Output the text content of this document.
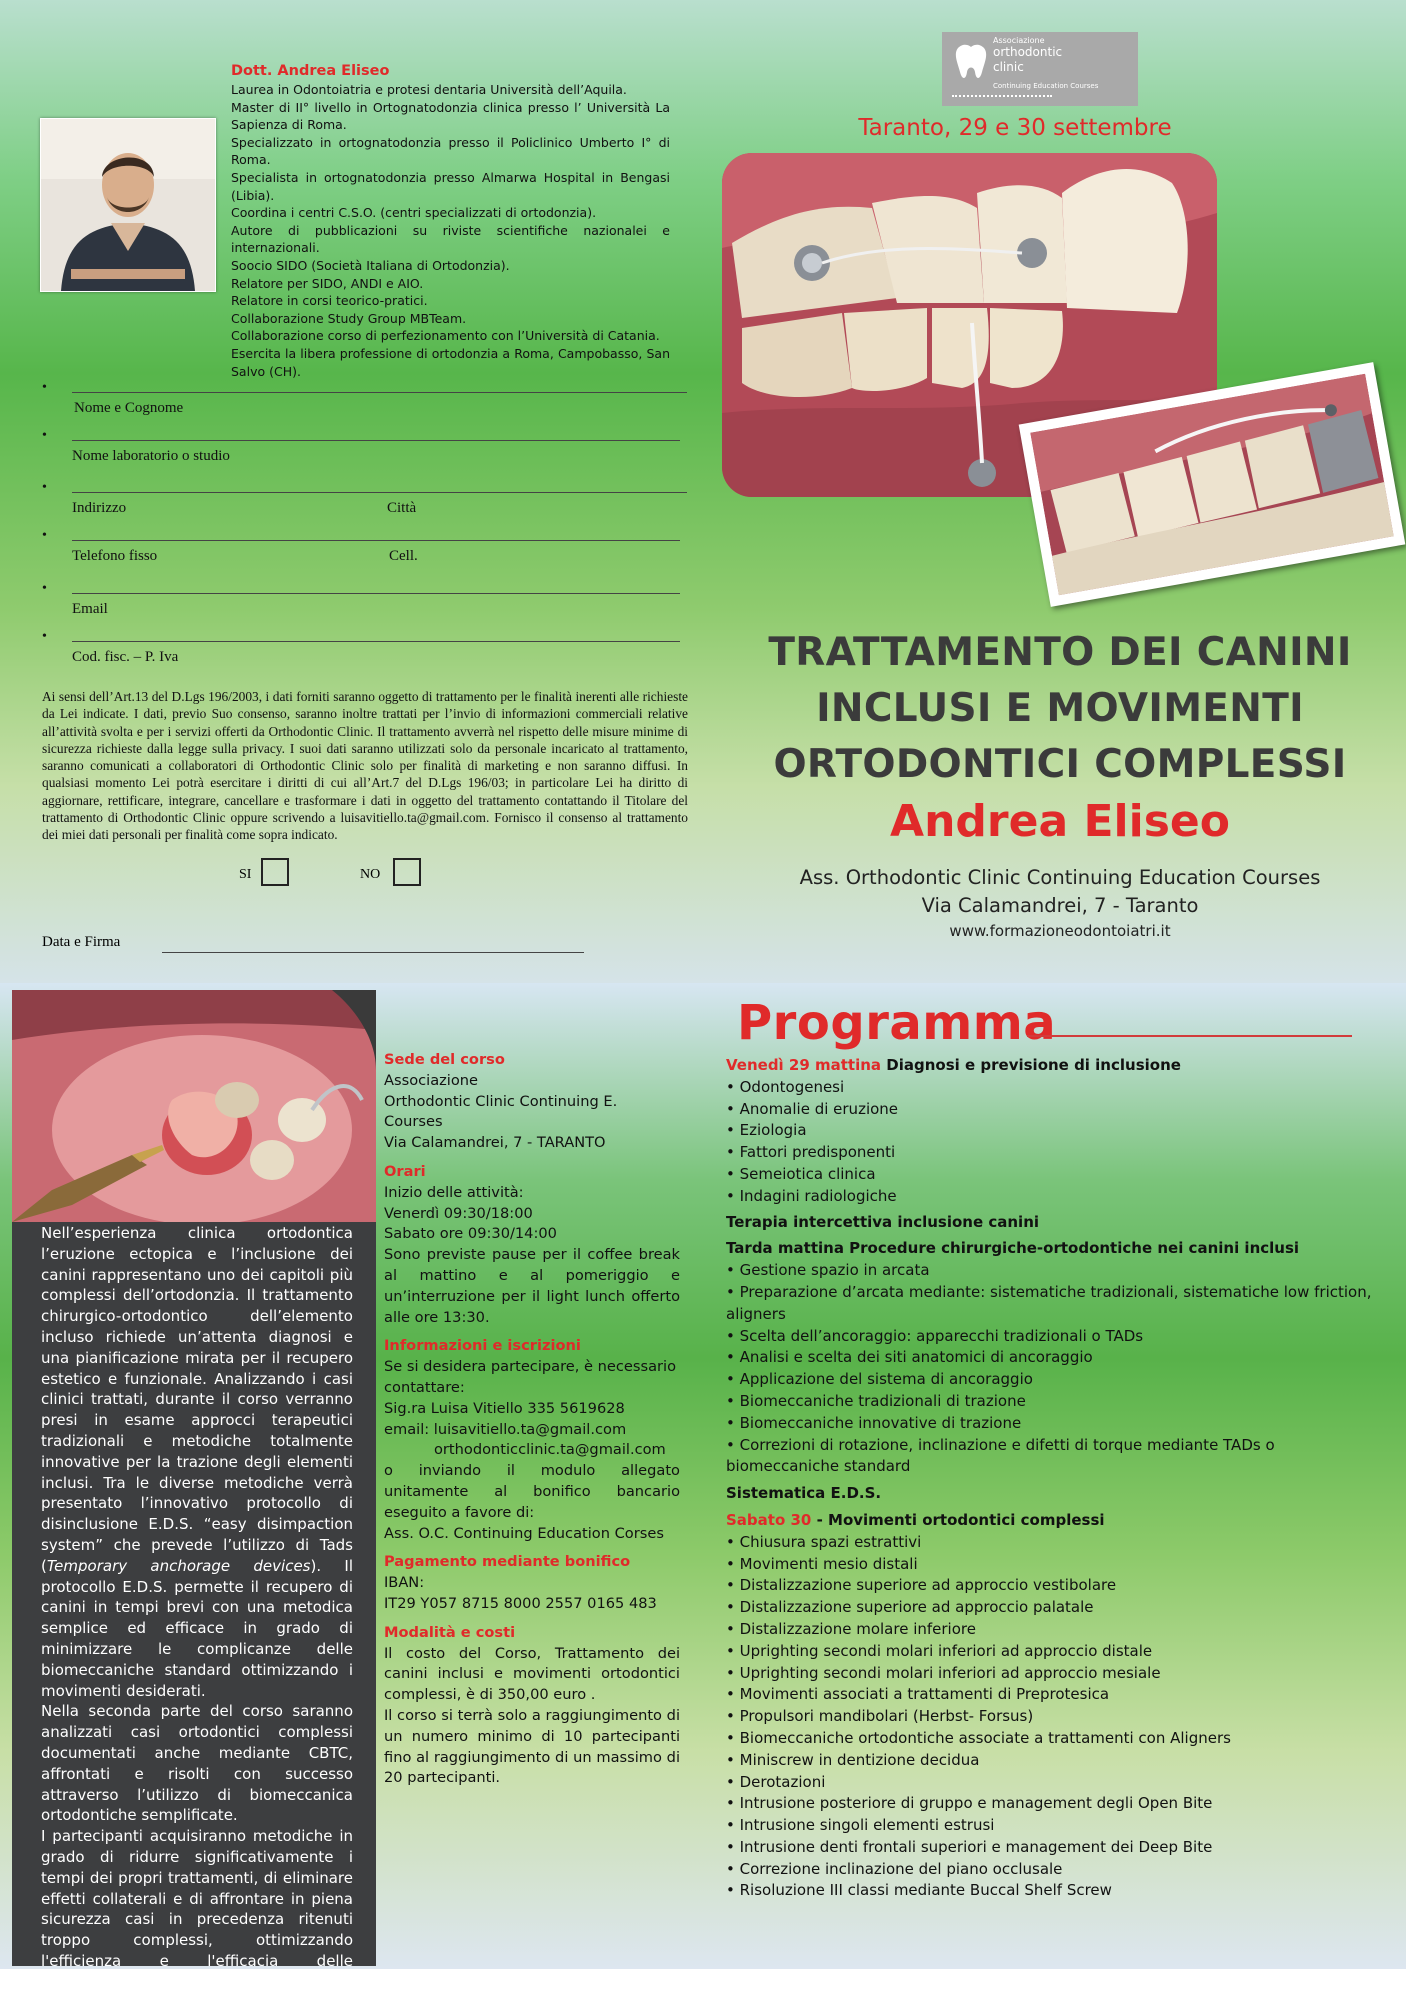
Dott. Andrea Eliseo
Laurea in Odontoiatria e protesi dentaria Università dell’Aquila.
Master di II° livello in Ortognatodonzia clinica presso l’ Università La Sapienza di Roma.
Specializzato in ortognatodonzia presso il Policlinico Umberto I° di Roma.
Specialista in ortognatodonzia presso Almarwa Hospital in Bengasi (Libia).
Coordina i centri C.S.O. (centri specializzati di ortodonzia).
Autore di pubblicazioni su riviste scientifiche nazionalei e internazionali.
Soocio SIDO (Società Italiana di Ortodonzia).
Relatore per SIDO, ANDI e AIO.
Relatore in corsi teorico-pratici.
Collaborazione Study Group MBTeam.
Collaborazione corso di perfezionamento con l’Università di Catania.
Esercita la libera professione di ortodonzia a Roma, Campobasso, San Salvo (CH).
•
Nome e Cognome
•
Nome laboratorio o studio
•
Indirizzo	Città
•
Telefono fisso	Cell.
•
Email
•
Cod. fisc. – P. Iva
Ai sensi dell’Art.13 del D.Lgs 196/2003, i dati forniti saranno oggetto di trattamento per le finalità inerenti alle richieste da Lei indicate. I dati, previo Suo consenso, saranno inoltre trattati per l’invio di informazioni commerciali relative all’attività svolta e per i servizi offerti da Orthodontic Clinic. Il trattamento avverrà nel rispetto delle misure minime di sicurezza richieste dalla legge sulla privacy. I suoi dati saranno utilizzati solo da personale incaricato al trattamento, saranno comunicati a collaboratori di Orthodontic Clinic solo per finalità di marketing e non saranno diffusi. In qualsiasi momento Lei potrà esercitare i diritti di cui all’Art.7 del D.Lgs 196/03; in particolare Lei ha diritto di aggiornare, rettificare, integrare, cancellare e trasformare i dati in oggetto del trattamento contattando il Titolare del trattamento di Orthodontic Clinic oppure scrivendo a luisavitiello.ta@gmail.com. Fornisco il consenso al trattamento dei miei dati personali per finalità come sopra indicato.
SI	NO
Data e Firma
Associazione
orthodontic
clinic
Continuing Education Courses
Taranto, 29 e 30 settembre
TRATTAMENTO DEI CANINI
INCLUSI E MOVIMENTI
ORTODONTICI COMPLESSI
Andrea Eliseo
Ass. Orthodontic Clinic Continuing Education Courses
Via Calamandrei, 7 - Taranto
www.formazioneodontoiatri.it

Nell’esperienza clinica ortodontica l’eruzione ectopica e l’inclusione dei canini rappresentano uno dei capitoli più complessi dell’ortodonzia. Il trattamento chirurgico-ortodontico dell’elemento incluso richiede un’attenta diagnosi e una pianificazione mirata per il recupero estetico e funzionale. Analizzando i casi clinici trattati, durante il corso verranno presi in esame approcci terapeutici tradizionali e metodiche totalmente innovative per la trazione degli elementi inclusi. Tra le diverse metodiche verrà presentato l’innovativo protocollo di disinclusione E.D.S. “easy disimpaction system” che prevede l’utilizzo di Tads (Temporary anchorage devices). Il protocollo E.D.S. permette il recupero di canini in tempi brevi con una metodica semplice ed efficace in grado di minimizzare le complicanze delle biomeccaniche standard ottimizzando i movimenti desiderati.

Nella seconda parte del corso saranno analizzati casi ortodontici complessi documentati anche mediante CBTC, affrontati e risolti con successo attraverso l’utilizzo di biomeccanica ortodontiche semplificate.

I partecipanti acquisiranno metodiche in grado di ridurre significativamente i tempi dei propri trattamenti, di eliminare effetti collaterali e di affrontare in piena sicurezza casi in precedenza ritenuti troppo complessi, ottimizzando l'efficienza e l'efficacia delle apparecchiature applicate.

Sede del corso
Associazione
Orthodontic Clinic Continuing E. Courses
Via Calamandrei, 7 - TARANTO
Orari
Inizio delle attività:
Venerdì 09:30/18:00
Sabato ore 09:30/14:00
Sono previste pause per il coffee break al mattino e al pomeriggio e un’interruzione per il light lunch offerto alle ore 13:30.
Informazioni e iscrizioni
Se si desidera partecipare, è necessario contattare:
Sig.ra Luisa Vitiello 335 5619628
email: luisavitiello.ta@gmail.com
orthodonticclinic.ta@gmail.com
o inviando il modulo allegato unitamente al bonifico bancario eseguito a favore di:
Ass. O.C. Continuing Education Corses
Pagamento mediante bonifico
IBAN:
IT29 Y057 8715 8000 2557 0165 483
Modalità e costi
Il costo del Corso, Trattamento dei canini inclusi e movimenti ortodontici complessi, è di 350,00 euro .
Il corso si terrà solo a raggiungimento di un numero minimo di 10 partecipanti fino al raggiungimento di un massimo di 20 partecipanti.
Programma
Venedì 29 mattina Diagnosi e previsione di inclusione
• Odontogenesi
• Anomalie di eruzione
• Eziologia
• Fattori predisponenti
• Semeiotica clinica
• Indagini radiologiche
Terapia intercettiva inclusione canini
Tarda mattina Procedure chirurgiche-ortodontiche nei canini inclusi
• Gestione spazio in arcata
• Preparazione d’arcata mediante: sistematiche tradizionali, sistematiche low friction, aligners
• Scelta dell’ancoraggio: apparecchi tradizionali o TADs
• Analisi e scelta dei siti anatomici di ancoraggio
• Applicazione del sistema di ancoraggio
• Biomeccaniche tradizionali di trazione
• Biomeccaniche innovative di trazione
• Correzioni di rotazione, inclinazione e difetti di torque mediante TADs o biomeccaniche standard
Sistematica E.D.S.
Sabato 30 - Movimenti ortodontici complessi
• Chiusura spazi estrattivi
• Movimenti mesio distali
• Distalizzazione superiore ad approccio vestibolare
• Distalizzazione superiore ad approccio palatale
• Distalizzazione molare inferiore
• Uprighting secondi molari inferiori ad approccio distale
• Uprighting secondi molari inferiori ad approccio mesiale
• Movimenti associati a trattamenti di Preprotesica
• Propulsori mandibolari (Herbst- Forsus)
• Biomeccaniche ortodontiche associate a trattamenti con Aligners
• Miniscrew in dentizione decidua
• Derotazioni
• Intrusione posteriore di gruppo e management degli Open Bite
• Intrusione singoli elementi estrusi
• Intrusione denti frontali superiori e management dei Deep Bite
• Correzione inclinazione del piano occlusale
• Risoluzione III classi mediante Buccal Shelf Screw
